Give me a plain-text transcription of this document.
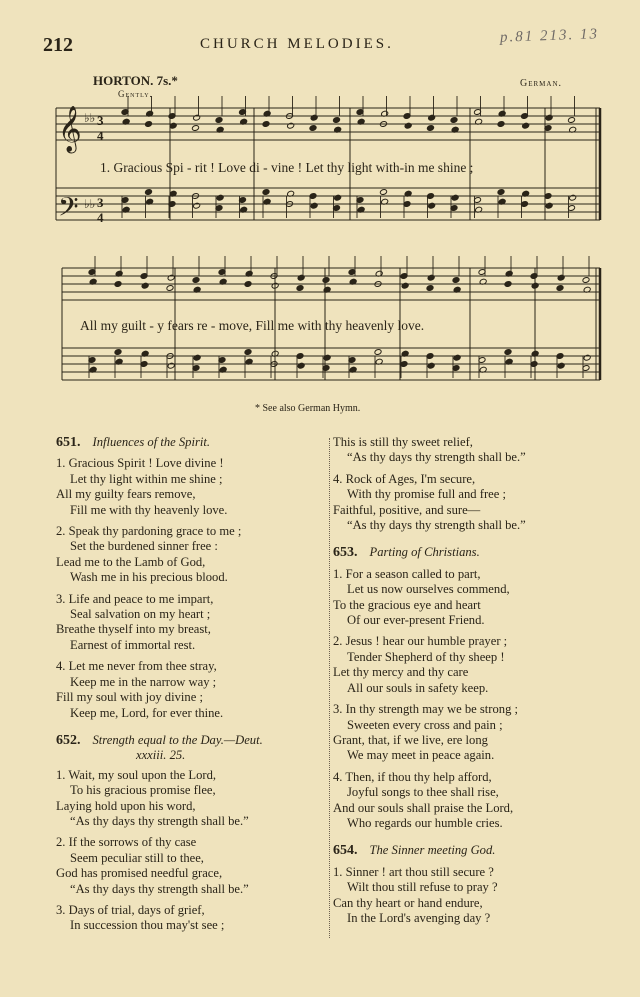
212	CHURCH MELODIES.	p.81 213. 13
HORTON. 7s.*
Gently.
German.
𝄞
𝄢
3
4
3
4
♭♭
♭♭
1. Gracious Spi - rit ! Love di - vine ! Let thy light with-in me shine ;
All my guilt - y fears re - move, Fill me with thy heavenly love.
* See also German Hymn.
651. Influences of the Spirit.
1. Gracious Spirit ! Love divine !
Let thy light within me shine ;
All my guilty fears remove,
Fill me with thy heavenly love.
2. Speak thy pardoning grace to me ;
Set the burdened sinner free :
Lead me to the Lamb of God,
Wash me in his precious blood.
3. Life and peace to me impart,
Seal salvation on my heart ;
Breathe thyself into my breast,
Earnest of immortal rest.
4. Let me never from thee stray,
Keep me in the narrow way ;
Fill my soul with joy divine ;
Keep me, Lord, for ever thine.
652. Strength equal to the Day.—Deut.
xxxiii. 25.
1. Wait, my soul upon the Lord,
To his gracious promise flee,
Laying hold upon his word,
“As thy days thy strength shall be.”
2. If the sorrows of thy case
Seem peculiar still to thee,
God has promised needful grace,
“As thy days thy strength shall be.”
3. Days of trial, days of grief,
In succession thou may'st see ;
This is still thy sweet relief,
“As thy days thy strength shall be.”
4. Rock of Ages, I'm secure,
With thy promise full and free ;
Faithful, positive, and sure—
“As thy days thy strength shall be.”
653. Parting of Christians.
1. For a season called to part,
Let us now ourselves commend,
To the gracious eye and heart
Of our ever-present Friend.
2. Jesus ! hear our humble prayer ;
Tender Shepherd of thy sheep !
Let thy mercy and thy care
All our souls in safety keep.
3. In thy strength may we be strong ;
Sweeten every cross and pain ;
Grant, that, if we live, ere long
We may meet in peace again.
4. Then, if thou thy help afford,
Joyful songs to thee shall rise,
And our souls shall praise the Lord,
Who regards our humble cries.
654. The Sinner meeting God.
1. Sinner ! art thou still secure ?
Wilt thou still refuse to pray ?
Can thy heart or hand endure,
In the Lord's avenging day ?
